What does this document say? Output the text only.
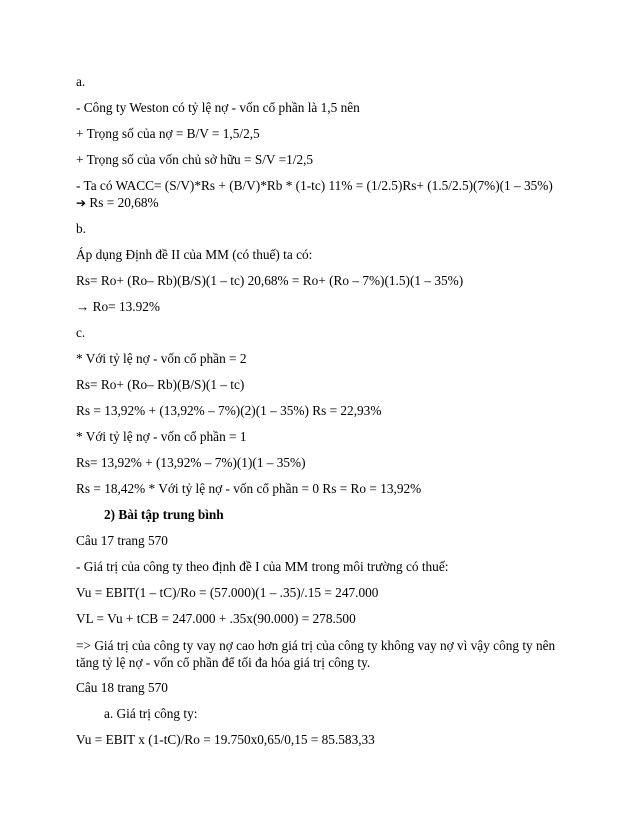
a.
- Công ty Weston có tỷ lệ nợ - vốn cổ phần là 1,5 nên
+ Trọng số của nợ = B/V = 1,5/2,5
+ Trọng số của vốn chủ sở hữu = S/V =1/2,5
- Ta có WACC= (S/V)*Rs + (B/V)*Rb * (1-tc) 11% = (1/2.5)Rs+ (1.5/2.5)(7%)(1 – 35%)
➔ Rs = 20,68%
b.
Áp dụng Định đề II của MM (có thuế) ta có:
Rs= Ro+ (Ro– Rb)(B/S)(1 – tc) 20,68% = Ro+ (Ro – 7%)(1.5)(1 – 35%)
→ Ro= 13.92%
c.
* Với tỷ lệ nợ - vốn cổ phần = 2
Rs= Ro+ (Ro– Rb)(B/S)(1 – tc)
Rs = 13,92% + (13,92% – 7%)(2)(1 – 35%) Rs = 22,93%
* Với tỷ lệ nợ - vốn cổ phần = 1
Rs= 13,92% + (13,92% – 7%)(1)(1 – 35%)
Rs = 18,42% * Với tỷ lệ nợ - vốn cổ phần = 0 Rs = Ro = 13,92%
2) Bài tập trung bình
Câu 17 trang 570
- Giá trị của công ty theo định đề I của MM trong môi trường có thuế:
Vu = EBIT(1 – tC)/Ro = (57.000)(1 – .35)/.15 = 247.000
VL = Vu + tCB = 247.000 + .35x(90.000) = 278.500
=> Giá trị của công ty vay nợ cao hơn giá trị của công ty không vay nợ vì vậy công ty nên tăng tỷ lệ nợ - vốn cổ phần để tối đa hóa giá trị công ty.
Câu 18 trang 570
a. Giá trị công ty:
Vu = EBIT x (1-tC)/Ro = 19.750x0,65/0,15 = 85.583,33
